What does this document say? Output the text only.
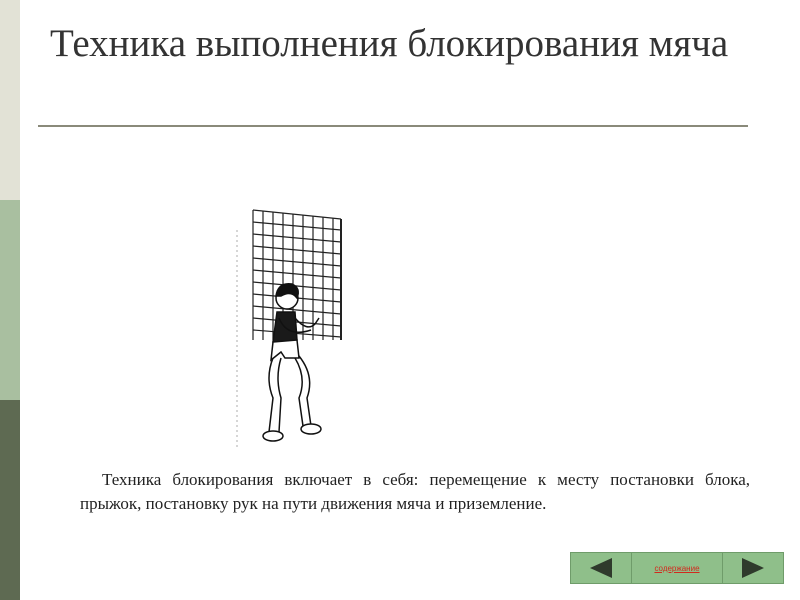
Техника выполнения блокирования мяча
Техника блокирования включает в себя: перемещение к месту постановки блока, прыжок, постановку рук на пути движения мяча и приземление.
содержание
